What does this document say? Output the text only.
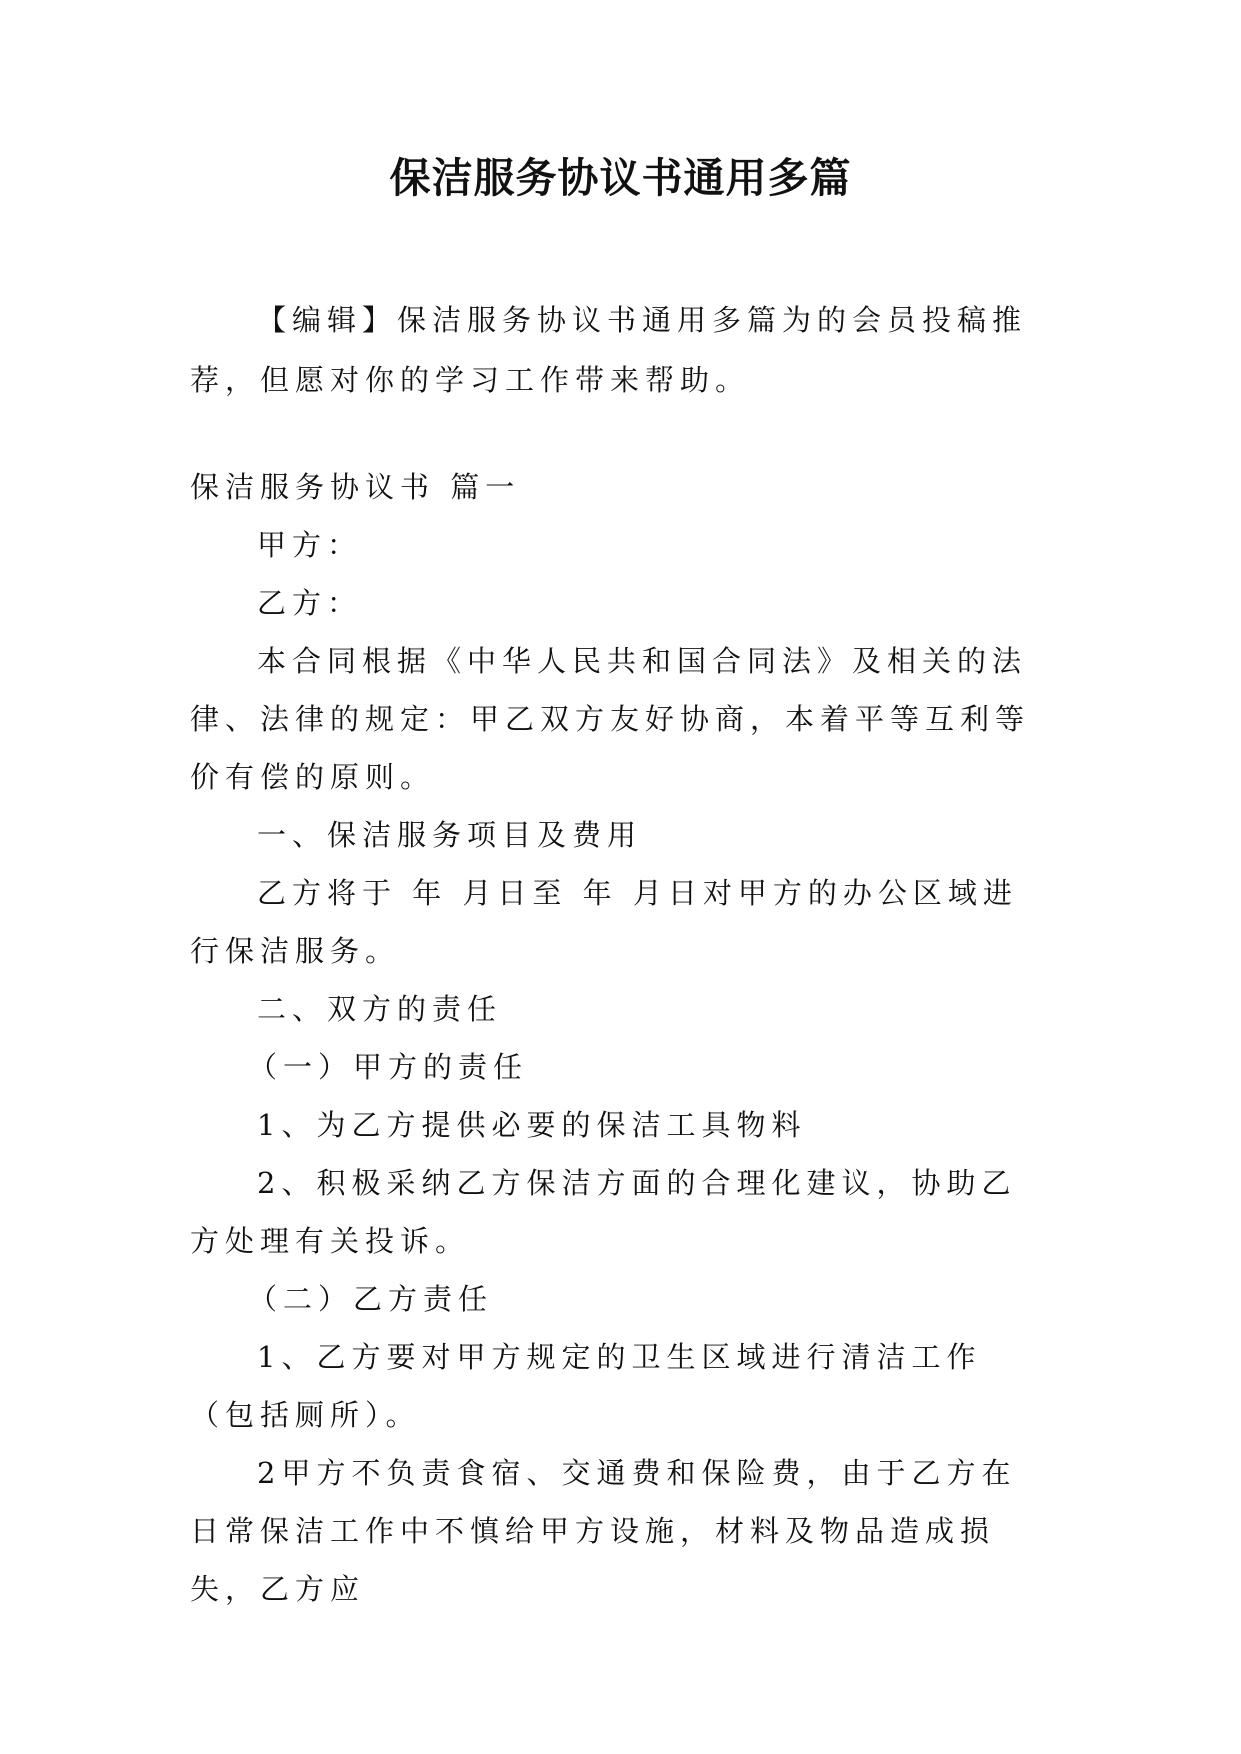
保洁服务协议书通用多篇

【编辑】保洁服务协议书通用多篇为的会员投稿推荐，但愿对你的学习工作带来帮助。

保洁服务协议书 篇一

甲方：

乙方：

本合同根据《中华人民共和国合同法》及相关的法律、法律的规定：甲乙双方友好协商，本着平等互利等价有偿的原则。

一、保洁服务项目及费用

乙方将于 年 月日至 年 月日对甲方的办公区域进行保洁服务。

二、双方的责任

（一）甲方的责任

1、为乙方提供必要的保洁工具物料

2、积极采纳乙方保洁方面的合理化建议，协助乙方处理有关投诉。

（二）乙方责任

1、乙方要对甲方规定的卫生区域进行清洁工作（包括厕所）。

2甲方不负责食宿、交通费和保险费，由于乙方在日常保洁工作中不慎给甲方设施，材料及物品造成损失，乙方应
